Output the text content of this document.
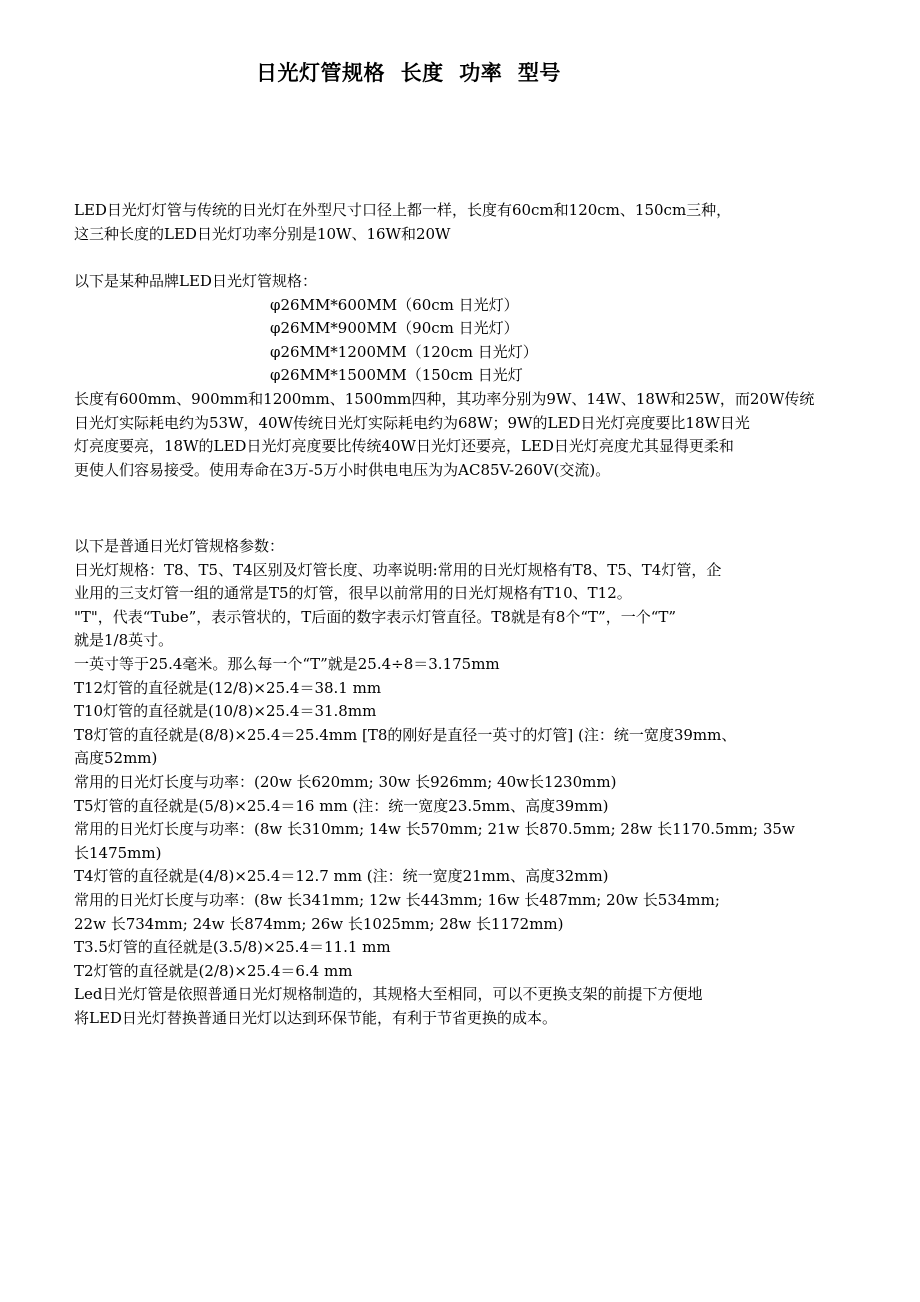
日光灯管规格  长度  功率  型号
LED日光灯灯管与传统的日光灯在外型尺寸口径上都一样，长度有60cm和120cm、150cm三种，
这三种长度的LED日光灯功率分别是10W、16W和20W
以下是某种品牌LED日光灯管规格：
φ26MM*600MM（60cm 日光灯）
φ26MM*900MM（90cm 日光灯）
φ26MM*1200MM（120cm 日光灯）
φ26MM*1500MM（150cm 日光灯
长度有600mm、900mm和1200mm、1500mm四种，其功率分别为9W、14W、18W和25W，而20W传统
日光灯实际耗电约为53W，40W传统日光灯实际耗电约为68W；9W的LED日光灯亮度要比18W日光
灯亮度要亮，18W的LED日光灯亮度要比传统40W日光灯还要亮，LED日光灯亮度尤其显得更柔和
更使人们容易接受。使用寿命在3万-5万小时供电电压为为AC85V-260V(交流)。
以下是普通日光灯管规格参数：
日光灯规格：T8、T5、T4区别及灯管长度、功率说明:常用的日光灯规格有T8、T5、T4灯管，企
业用的三支灯管一组的通常是T5的灯管，很早以前常用的日光灯规格有T10、T12。
"T"，代表“Tube”，表示管状的，T后面的数字表示灯管直径。T8就是有8个“T”，一个“T”
就是1/8英寸。
一英寸等于25.4毫米。那么每一个“T”就是25.4÷8＝3.175mm
T12灯管的直径就是(12/8)×25.4＝38.1 mm
T10灯管的直径就是(10/8)×25.4＝31.8mm
T8灯管的直径就是(8/8)×25.4＝25.4mm [T8的刚好是直径一英寸的灯管] (注：统一宽度39mm、
高度52mm)
常用的日光灯长度与功率：(20w 长620mm; 30w 长926mm; 40w长1230mm)
T5灯管的直径就是(5/8)×25.4＝16 mm (注：统一宽度23.5mm、高度39mm)
常用的日光灯长度与功率：(8w 长310mm; 14w 长570mm; 21w 长870.5mm; 28w 长1170.5mm; 35w
长1475mm)
T4灯管的直径就是(4/8)×25.4＝12.7 mm (注：统一宽度21mm、高度32mm)
常用的日光灯长度与功率：(8w 长341mm; 12w 长443mm; 16w 长487mm; 20w 长534mm;
22w 长734mm; 24w 长874mm; 26w 长1025mm; 28w 长1172mm)
T3.5灯管的直径就是(3.5/8)×25.4＝11.1 mm
T2灯管的直径就是(2/8)×25.4＝6.4 mm
Led日光灯管是依照普通日光灯规格制造的，其规格大至相同，可以不更换支架的前提下方便地
将LED日光灯替换普通日光灯以达到环保节能，有利于节省更换的成本。
